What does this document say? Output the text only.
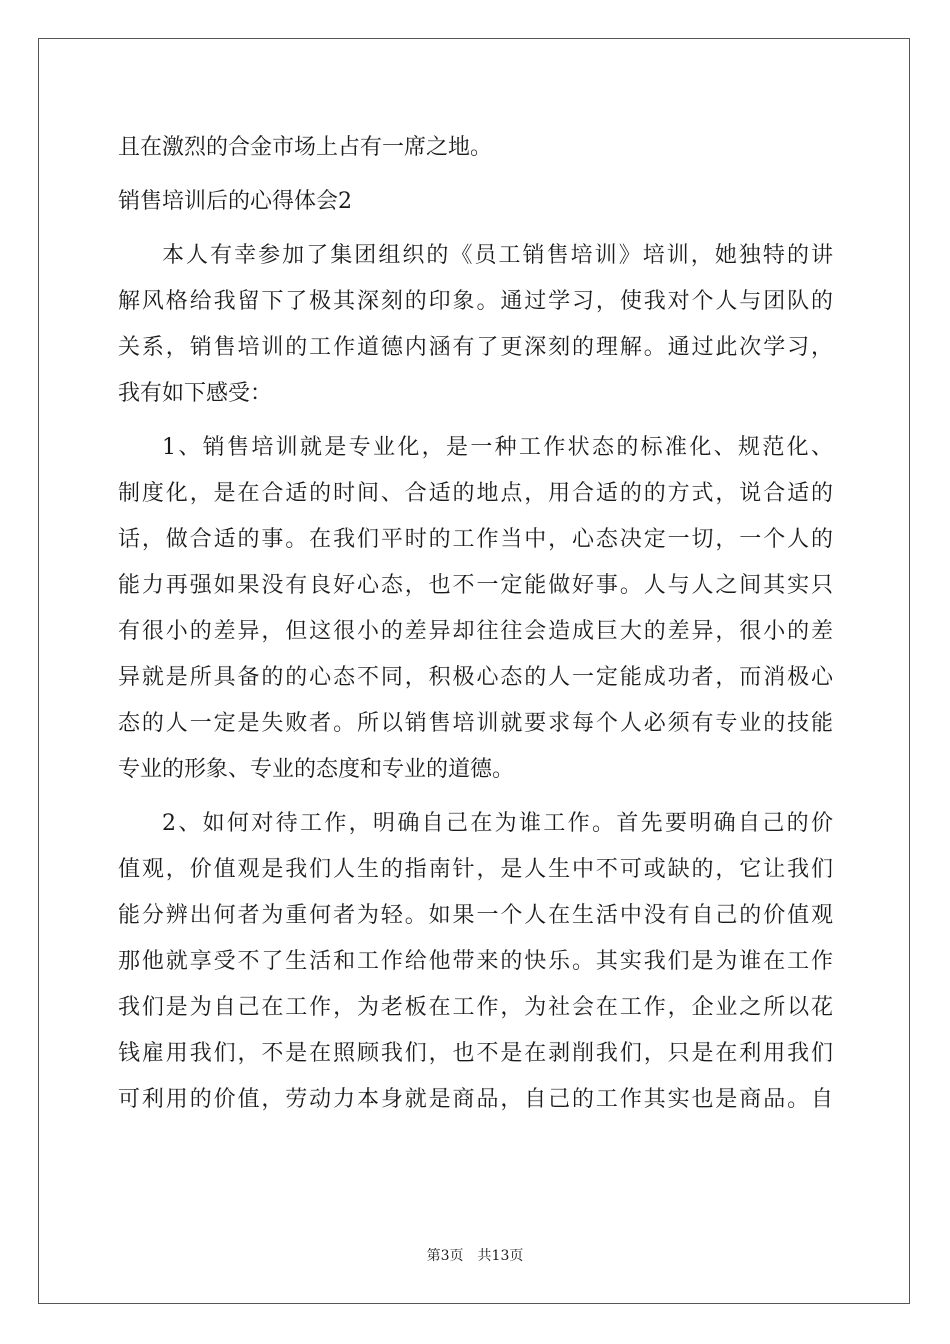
且在激烈的合金市场上占有一席之地。

销售培训后的心得体会2

本人有幸参加了集团组织的《员工销售培训》培训，她独特的讲

解风格给我留下了极其深刻的印象。通过学习，使我对个人与团队的

关系，销售培训的工作道德内涵有了更深刻的理解。通过此次学习，

我有如下感受：

1、销售培训就是专业化，是一种工作状态的标准化、规范化、

制度化，是在合适的时间、合适的地点，用合适的的方式，说合适的

话，做合适的事。在我们平时的工作当中，心态决定一切，一个人的

能力再强如果没有良好心态，也不一定能做好事。人与人之间其实只

有很小的差异，但这很小的差异却往往会造成巨大的差异，很小的差

异就是所具备的的心态不同，积极心态的人一定能成功者，而消极心

态的人一定是失败者。所以销售培训就要求每个人必须有专业的技能

专业的形象、专业的态度和专业的道德。

2、如何对待工作，明确自己在为谁工作。首先要明确自己的价

值观，价值观是我们人生的指南针，是人生中不可或缺的，它让我们

能分辨出何者为重何者为轻。如果一个人在生活中没有自己的价值观

那他就享受不了生活和工作给他带来的快乐。其实我们是为谁在工作

我们是为自己在工作，为老板在工作，为社会在工作，企业之所以花

钱雇用我们，不是在照顾我们，也不是在剥削我们，只是在利用我们

可利用的价值，劳动力本身就是商品，自己的工作其实也是商品。自

第3页 共13页
